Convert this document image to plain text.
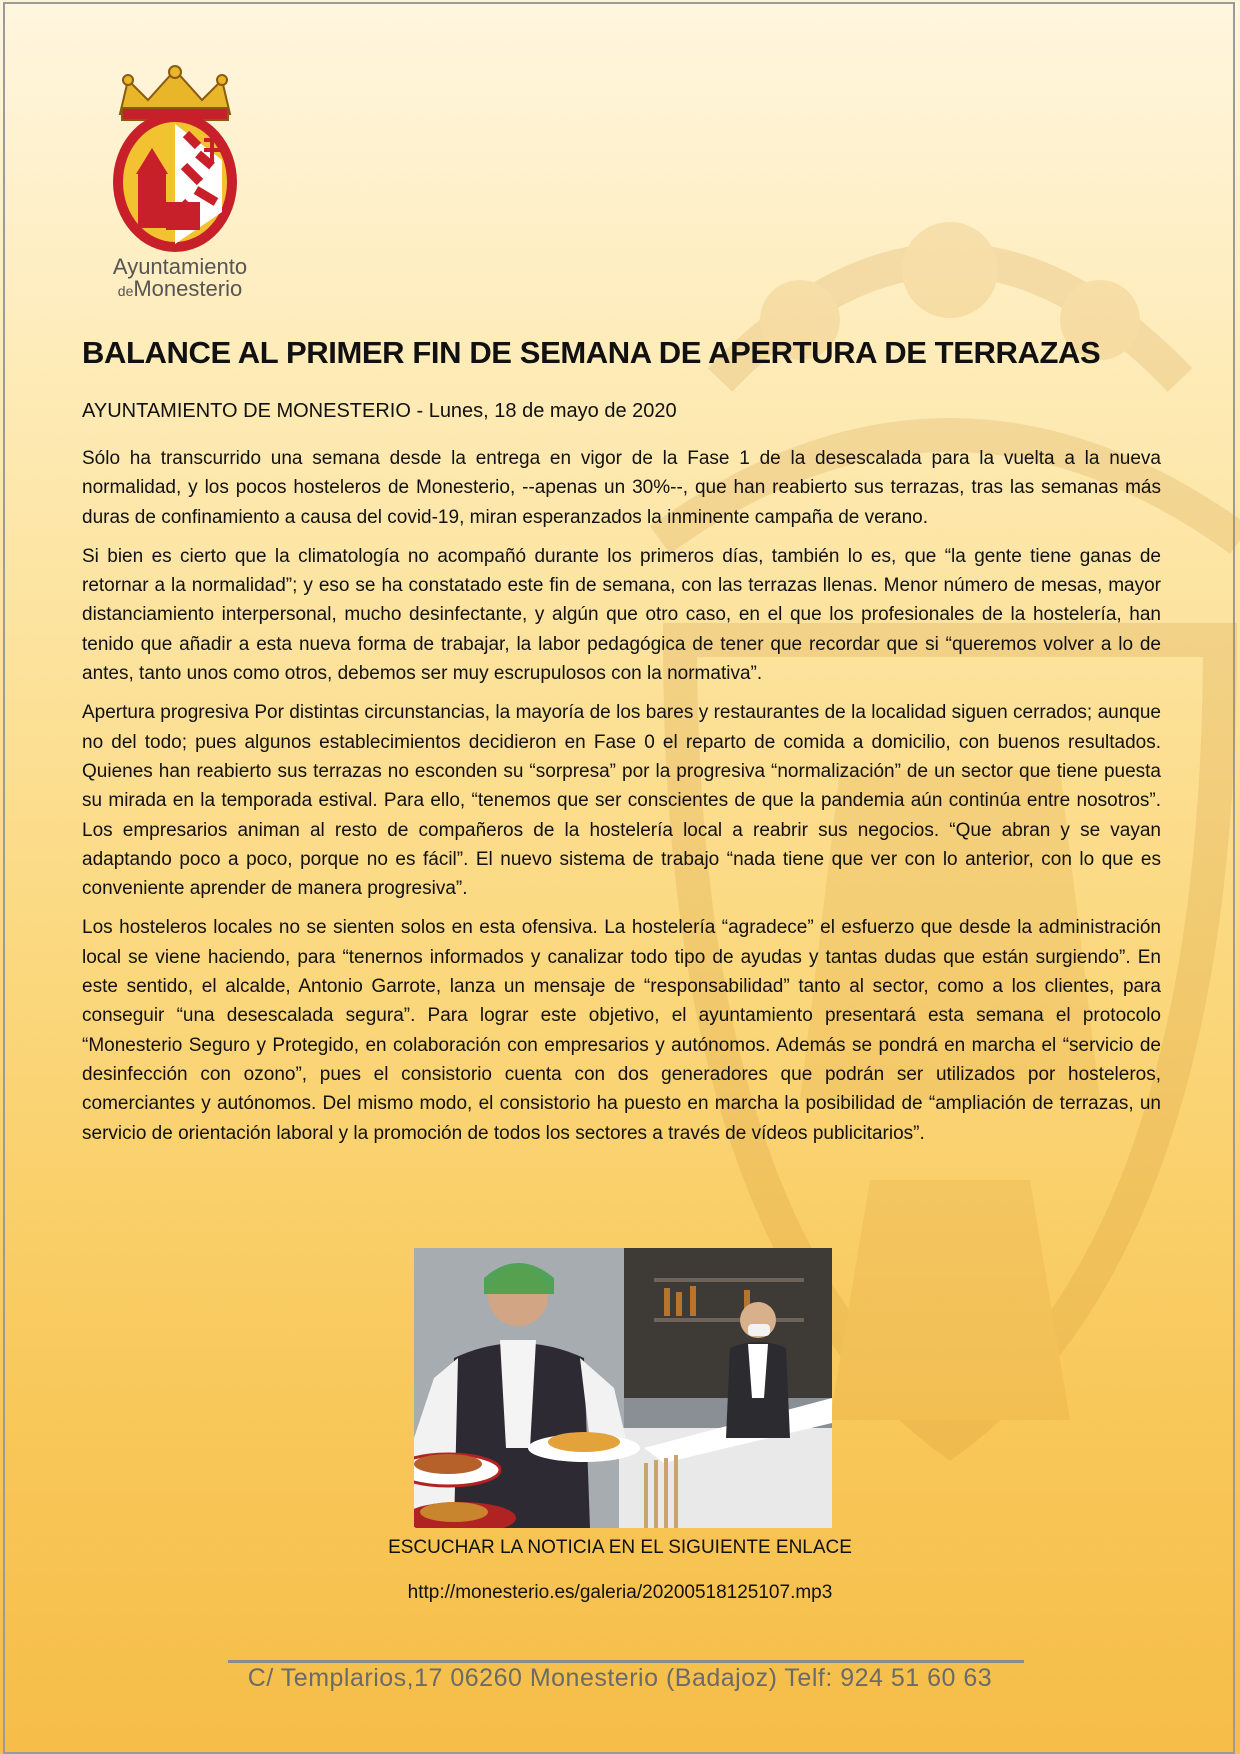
Ayuntamiento
deMonesterio
BALANCE AL PRIMER FIN DE SEMANA DE APERTURA DE TERRAZAS
AYUNTAMIENTO DE MONESTERIO - Lunes, 18 de mayo de 2020

Sólo ha transcurrido una semana desde la entrega en vigor de la Fase 1 de la desescalada para la vuelta a la nueva normalidad, y los pocos hosteleros de Monesterio, --apenas un 30%--, que han reabierto sus terrazas, tras las semanas más duras de confinamiento a causa del covid-19, miran esperanzados la inminente campaña de verano.

Si bien es cierto que la climatología no acompañó durante los primeros días, también lo es, que “la gente tiene ganas de retornar a la normalidad”; y eso se ha constatado este fin de semana, con las terrazas llenas. Menor número de mesas, mayor distanciamiento interpersonal, mucho desinfectante, y algún que otro caso, en el que los profesionales de la hostelería, han tenido que añadir a esta nueva forma de trabajar, la labor pedagógica de tener que recordar que si “queremos volver a lo de antes, tanto unos como otros, debemos ser muy escrupulosos con la normativa”.

Apertura progresiva Por distintas circunstancias, la mayoría de los bares y restaurantes de la localidad siguen cerrados; aunque no del todo; pues algunos establecimientos decidieron en Fase 0 el reparto de comida a domicilio, con buenos resultados. Quienes han reabierto sus terrazas no esconden su “sorpresa” por la progresiva “normalización” de un sector que tiene puesta su mirada en la temporada estival. Para ello, “tenemos que ser conscientes de que la pandemia aún continúa entre nosotros”. Los empresarios animan al resto de compañeros de la hostelería local a reabrir sus negocios. “Que abran y se vayan adaptando poco a poco, porque no es fácil”. El nuevo sistema de trabajo “nada tiene que ver con lo anterior, con lo que es conveniente aprender de manera progresiva”.

Los hosteleros locales no se sienten solos en esta ofensiva. La hostelería “agradece” el esfuerzo que desde la administración local se viene haciendo, para “tenernos informados y canalizar todo tipo de ayudas y tantas dudas que están surgiendo”. En este sentido, el alcalde, Antonio Garrote, lanza un mensaje de “responsabilidad” tanto al sector, como a los clientes, para conseguir “una desescalada segura”. Para lograr este objetivo, el ayuntamiento presentará esta semana el protocolo “Monesterio Seguro y Protegido, en colaboración con empresarios y autónomos. Además se pondrá en marcha el “servicio de desinfección con ozono”, pues el consistorio cuenta con dos generadores que podrán ser utilizados por hosteleros, comerciantes y autónomos. Del mismo modo, el consistorio ha puesto en marcha la posibilidad de “ampliación de terrazas, un servicio de orientación laboral y la promoción de todos los sectores a través de vídeos publicitarios”.

ESCUCHAR LA NOTICIA EN EL SIGUIENTE ENLACE
http://monesterio.es/galeria/20200518125107.mp3
C/ Templarios,17 06260 Monesterio (Badajoz) Telf: 924 51 60 63
